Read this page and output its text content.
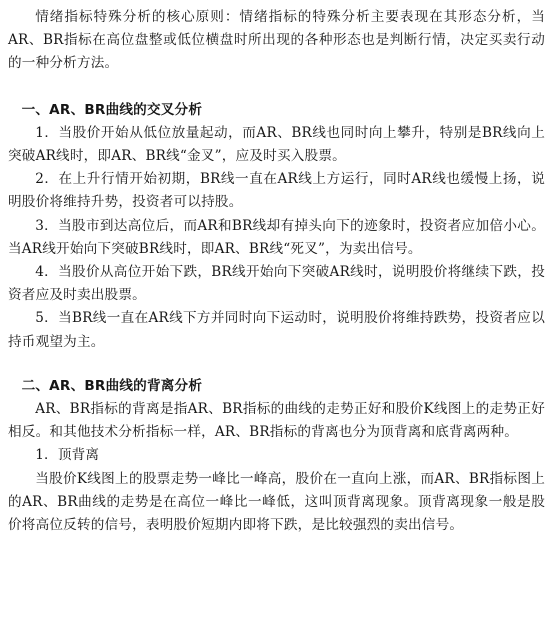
情绪指标特殊分析的核心原则：情绪指标的特殊分析主要表现在其形态分析，当AR、BR指标在高位盘整或低位横盘时所出现的各种形态也是判断行情，决定买卖行动的一种分析方法。

一、AR、BR曲线的交叉分析

1．当股价开始从低位放量起动，而AR、BR线也同时向上攀升，特别是BR线向上突破AR线时，即AR、BR线“金叉”，应及时买入股票。

2．在上升行情开始初期，BR线一直在AR线上方运行，同时AR线也缓慢上扬，说明股价将维持升势，投资者可以持股。

3．当股市到达高位后，而AR和BR线却有掉头向下的迹象时，投资者应加倍小心。当AR线开始向下突破BR线时，即AR、BR线“死叉”，为卖出信号。

4．当股价从高位开始下跌，BR线开始向下突破AR线时，说明股价将继续下跌，投资者应及时卖出股票。

5．当BR线一直在AR线下方并同时向下运动时，说明股价将维持跌势，投资者应以持币观望为主。

二、AR、BR曲线的背离分析

AR、BR指标的背离是指AR、BR指标的曲线的走势正好和股价K线图上的走势正好相反。和其他技术分析指标一样，AR、BR指标的背离也分为顶背离和底背离两种。

1．顶背离

当股价K线图上的股票走势一峰比一峰高，股价在一直向上涨，而AR、BR指标图上的AR、BR曲线的走势是在高位一峰比一峰低，这叫顶背离现象。顶背离现象一般是股价将高位反转的信号，表明股价短期内即将下跌，是比较强烈的卖出信号。
